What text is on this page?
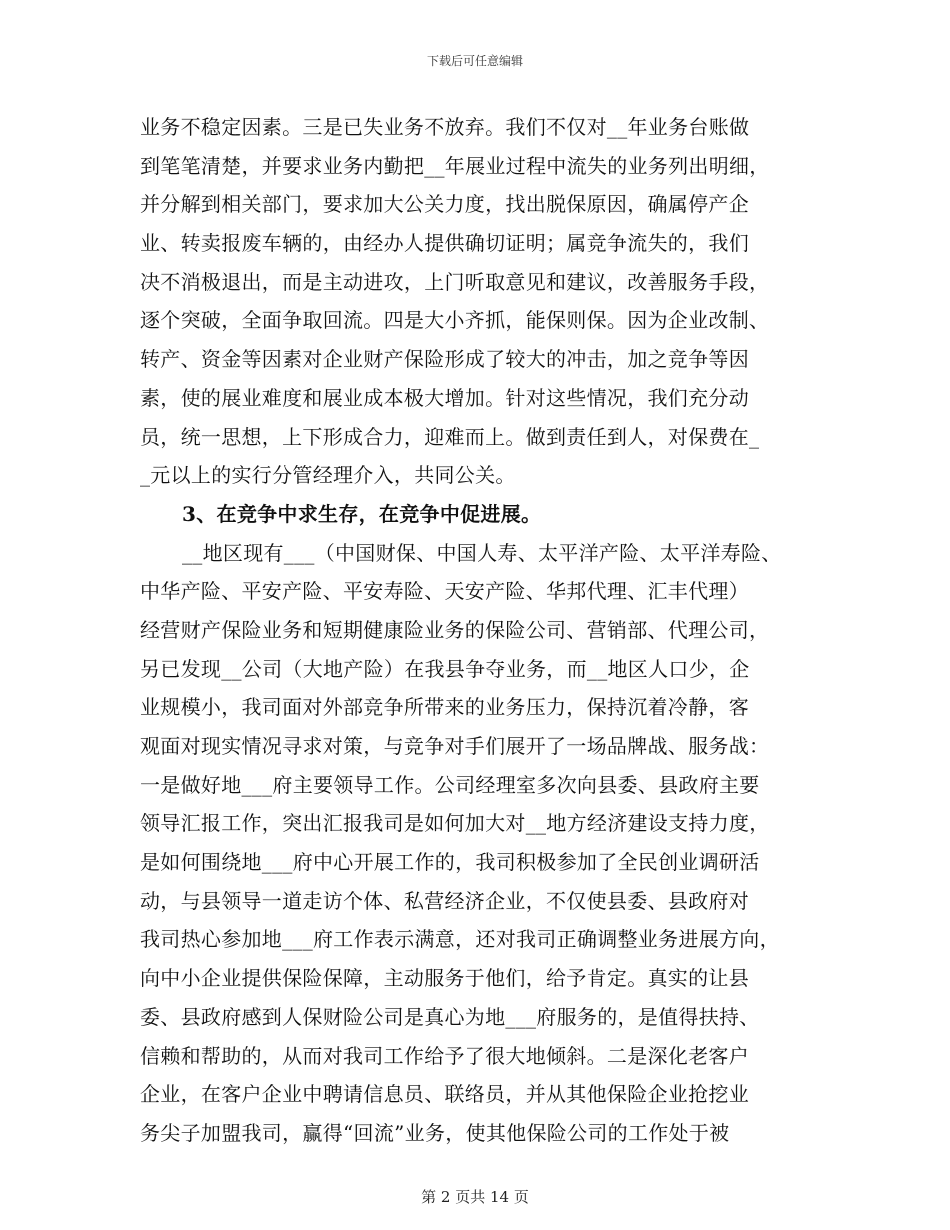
下载后可任意编辑
业务不稳定因素。三是已失业务不放弃。我们不仅对__年业务台账做
到笔笔清楚，并要求业务内勤把__年展业过程中流失的业务列出明细，
并分解到相关部门，要求加大公关力度，找出脱保原因，确属停产企
业、转卖报废车辆的，由经办人提供确切证明；属竞争流失的，我们
决不消极退出，而是主动进攻，上门听取意见和建议，改善服务手段，
逐个突破，全面争取回流。四是大小齐抓，能保则保。因为企业改制、
转产、资金等因素对企业财产保险形成了较大的冲击，加之竞争等因
素，使的展业难度和展业成本极大增加。针对这些情况，我们充分动
员，统一思想，上下形成合力，迎难而上。做到责任到人，对保费在_
_元以上的实行分管经理介入，共同公关。
3、在竞争中求生存，在竞争中促进展。
__地区现有___（中国财保、中国人寿、太平洋产险、太平洋寿险、
中华产险、平安产险、平安寿险、天安产险、华邦代理、汇丰代理）
经营财产保险业务和短期健康险业务的保险公司、营销部、代理公司，
另已发现__公司（大地产险）在我县争夺业务，而__地区人口少，企
业规模小，我司面对外部竞争所带来的业务压力，保持沉着冷静，客
观面对现实情况寻求对策，与竞争对手们展开了一场品牌战、服务战：
一是做好地___府主要领导工作。公司经理室多次向县委、县政府主要
领导汇报工作，突出汇报我司是如何加大对__地方经济建设支持力度，
是如何围绕地___府中心开展工作的，我司积极参加了全民创业调研活
动，与县领导一道走访个体、私营经济企业，不仅使县委、县政府对
我司热心参加地___府工作表示满意，还对我司正确调整业务进展方向，
向中小企业提供保险保障，主动服务于他们，给予肯定。真实的让县
委、县政府感到人保财险公司是真心为地___府服务的，是值得扶持、
信赖和帮助的，从而对我司工作给予了很大地倾斜。二是深化老客户
企业，在客户企业中聘请信息员、联络员，并从其他保险企业抢挖业
务尖子加盟我司，赢得“回流”业务，使其他保险公司的工作处于被
第 2 页共 14 页
